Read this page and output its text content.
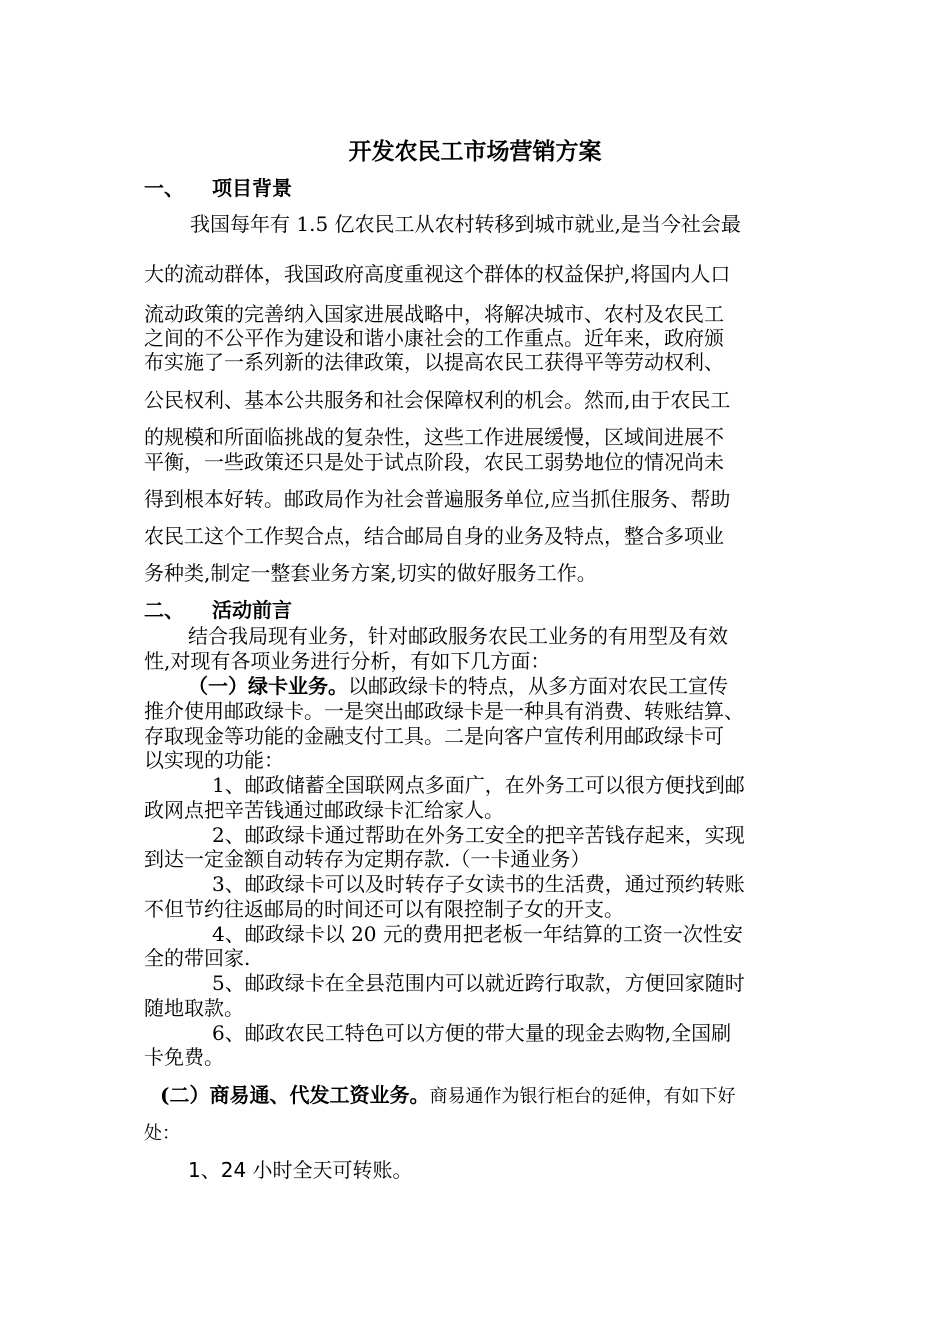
开发农民工市场营销方案
一、 项目背景
我国每年有 1.5 亿农民工从农村转移到城市就业,是当今社会最
大的流动群体，我国政府高度重视这个群体的权益保护,将国内人口
流动政策的完善纳入国家进展战略中，将解决城市、农村及农民工
之间的不公平作为建设和谐小康社会的工作重点。近年来，政府颁
布实施了一系列新的法律政策，以提高农民工获得平等劳动权利、
公民权利、基本公共服务和社会保障权利的机会。然而,由于农民工
的规模和所面临挑战的复杂性，这些工作进展缓慢，区域间进展不
平衡，一些政策还只是处于试点阶段，农民工弱势地位的情况尚未
得到根本好转。邮政局作为社会普遍服务单位,应当抓住服务、帮助
农民工这个工作契合点，结合邮局自身的业务及特点，整合多项业
务种类,制定一整套业务方案,切实的做好服务工作。
二、 活动前言
结合我局现有业务，针对邮政服务农民工业务的有用型及有效
性,对现有各项业务进行分析，有如下几方面：
（一）绿卡业务。以邮政绿卡的特点，从多方面对农民工宣传
推介使用邮政绿卡。一是突出邮政绿卡是一种具有消费、转账结算、
存取现金等功能的金融支付工具。二是向客户宣传利用邮政绿卡可
以实现的功能：
1、邮政储蓄全国联网点多面广，在外务工可以很方便找到邮
政网点把辛苦钱通过邮政绿卡汇给家人。
2、邮政绿卡通过帮助在外务工安全的把辛苦钱存起来，实现
到达一定金额自动转存为定期存款.（一卡通业务）
3、邮政绿卡可以及时转存子女读书的生活费，通过预约转账
不但节约往返邮局的时间还可以有限控制子女的开支。
4、邮政绿卡以 20 元的费用把老板一年结算的工资一次性安
全的带回家.
5、邮政绿卡在全县范围内可以就近跨行取款，方便回家随时
随地取款。
6、邮政农民工特色可以方便的带大量的现金去购物,全国刷
卡免费。
(二）商易通、代发工资业务。商易通作为银行柜台的延伸，有如下好
处：
1、24 小时全天可转账。
